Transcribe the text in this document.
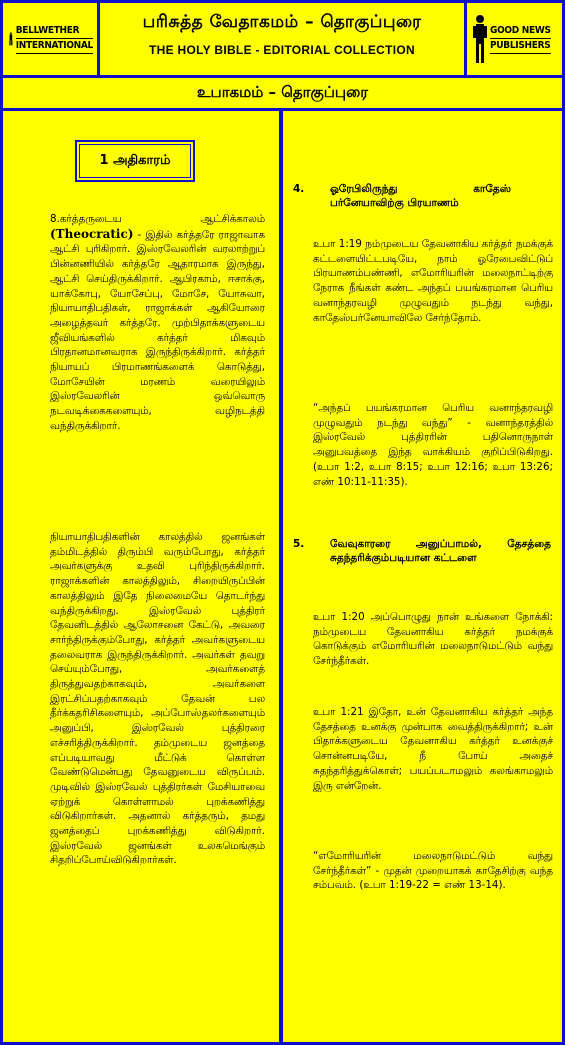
BELLWETHER
INTERNATIONAL
பரிசுத்த வேதாகமம் – தொகுப்புரை
THE HOLY BIBLE - EDITORIAL COLLECTION
GOOD NEWS
PUBLISHERS
உபாகமம் – தொகுப்புரை
1 அதிகாரம்
8.கர்த்தருடைய ஆட்சிக்காலம் (Theocratic) - இதில் கர்த்தரே ராஜாவாக ஆட்சி புரிகிறார். இஸ்ரவேலரின் வரலாற்றுப் பின்னணியில் கர்த்தரே ஆதாரமாக இருந்து, ஆட்சி செய்திருக்கிறார். ஆபிரகாம், ஈசாக்கு, யாக்கோபு, யோசேப்பு, மோசே, யோசுவா, நியாயாதிபதிகள், ராஜாக்கள் ஆகியோரை அழைத்தவர் கர்த்தரே. முற்பிதாக்களுடைய ஜீவியங்களில் கர்த்தர் மிகவும் பிரதானமானவராக இருந்திருக்கிறார். கர்த்தர் நியாயப் பிரமாணங்களைக் கொடுத்து, மோசேயின் மரணம் வரையிலும் இஸ்ரவேலரின் ஒவ்வொரு நடவடிக்கைகளையும், வழிநடத்தி வந்திருக்கிறார்.
நியாயாதிபதிகளின் காலத்தில் ஜனங்கள் தம்மிடத்தில் திரும்பி வரும்போது, கர்த்தர் அவர்களுக்கு உதவி புரிந்திருக்கிறார். ராஜாக்களின் காலத்திலும், சிறையிருப்பின் காலத்திலும் இதே நிலைமையே தொடர்ந்து வந்திருக்கிறது. இஸ்ரவேல் புத்திரர் தேவனிடத்தில் ஆலோசனை கேட்டு, அவரை சார்ந்திருக்கும்போது, கர்த்தர் அவர்களுடைய தலைவராக இருந்திருக்கிறார். அவர்கள் தவறு செய்யும்போது, அவர்களைத் திருத்துவதற்காகவும், அவர்களை இரட்சிப்பதற்காகவும் தேவன் பல தீர்க்கதரிசிகளையும், அப்போஸ்தலர்களையும் அனுப்பி, இஸ்ரவேல் புத்திரரை எச்சரித்திருக்கிறார். தம்முடைய ஜனத்தை எப்படியாவது மீட்டுக் கொள்ள வேண்டுமென்பது தேவனுடைய விருப்பம். முடிவில் இஸ்ரவேல் புத்திரர்கள் மேசியாவை ஏற்றுக் கொள்ளாமல் புறக்கணித்து விடுகிறார்கள். அதனால் கர்த்தரும், தமது ஜனத்தைப் புறக்கணித்து விடுகிறார். இஸ்ரவேல் ஜனங்கள் உலகமெங்கும் சிதறிப்போய்விடுகிறார்கள்.
4. ஓரேபிலிருந்து காதேஸ் பர்னேயாவிற்கு பிரயாணம்
உபா 1:19 நம்முடைய தேவனாகிய கர்த்தர் நமக்குக் கட்டளையிட்டபடியே, நாம் ஓரேபைவிட்டுப் பிரயாணம்பண்ணி, எமோரியரின் மலைநாட்டிற்கு நேராக நீங்கள் கண்ட அந்தப் பயங்கரமான பெரிய வனாந்தரவழி முழுவதும் நடந்து வந்து, காதேஸ்பர்னேயாவிலே சேர்ந்தோம்.
“அந்தப் பயங்கரமான பெரிய வனாந்தரவழி முழுவதும் நடந்து வந்து” - வனாந்தரத்தில் இஸ்ரவேல் புத்திரரின் பதினொருநாள் அனுபவத்தை இந்த வாக்கியம் குறிப்பிடுகிறது. (உபா 1:2, உபா 8:15; உபா 12:16; உபா 13:26; எண் 10:11-11:35).
5. வேவுகாரரை அனுப்பாமல், தேசத்தை சுதந்தரிக்கும்படியான கட்டளை
உபா 1:20 அப்பொழுது நான் உங்களை நோக்கி: நம்முடைய தேவனாகிய கர்த்தர் நமக்குக் கொடுக்கும் எமோரியரின் மலைநாடுமட்டும் வந்து சேர்ந்தீர்கள்.
உபா 1:21 இதோ, உன் தேவனாகிய கர்த்தர் அந்த தேசத்தை உனக்கு முன்பாக வைத்திருக்கிறார்; உன் பிதாக்களுடைய தேவனாகிய கர்த்தர் உனக்குச் சொன்னபடியே, நீ போய் அதைச் சுதந்தரித்துக்கொள்; பயப்படாமலும் கலங்காமலும் இரு என்றேன்.
“எமோரியரின் மலைநாடுமட்டும் வந்து சேர்ந்தீர்கள்” - முதன் முறையாகக் காதேசிற்கு வந்த சம்பவம். (உபா 1:19-22 = எண் 13-14).
